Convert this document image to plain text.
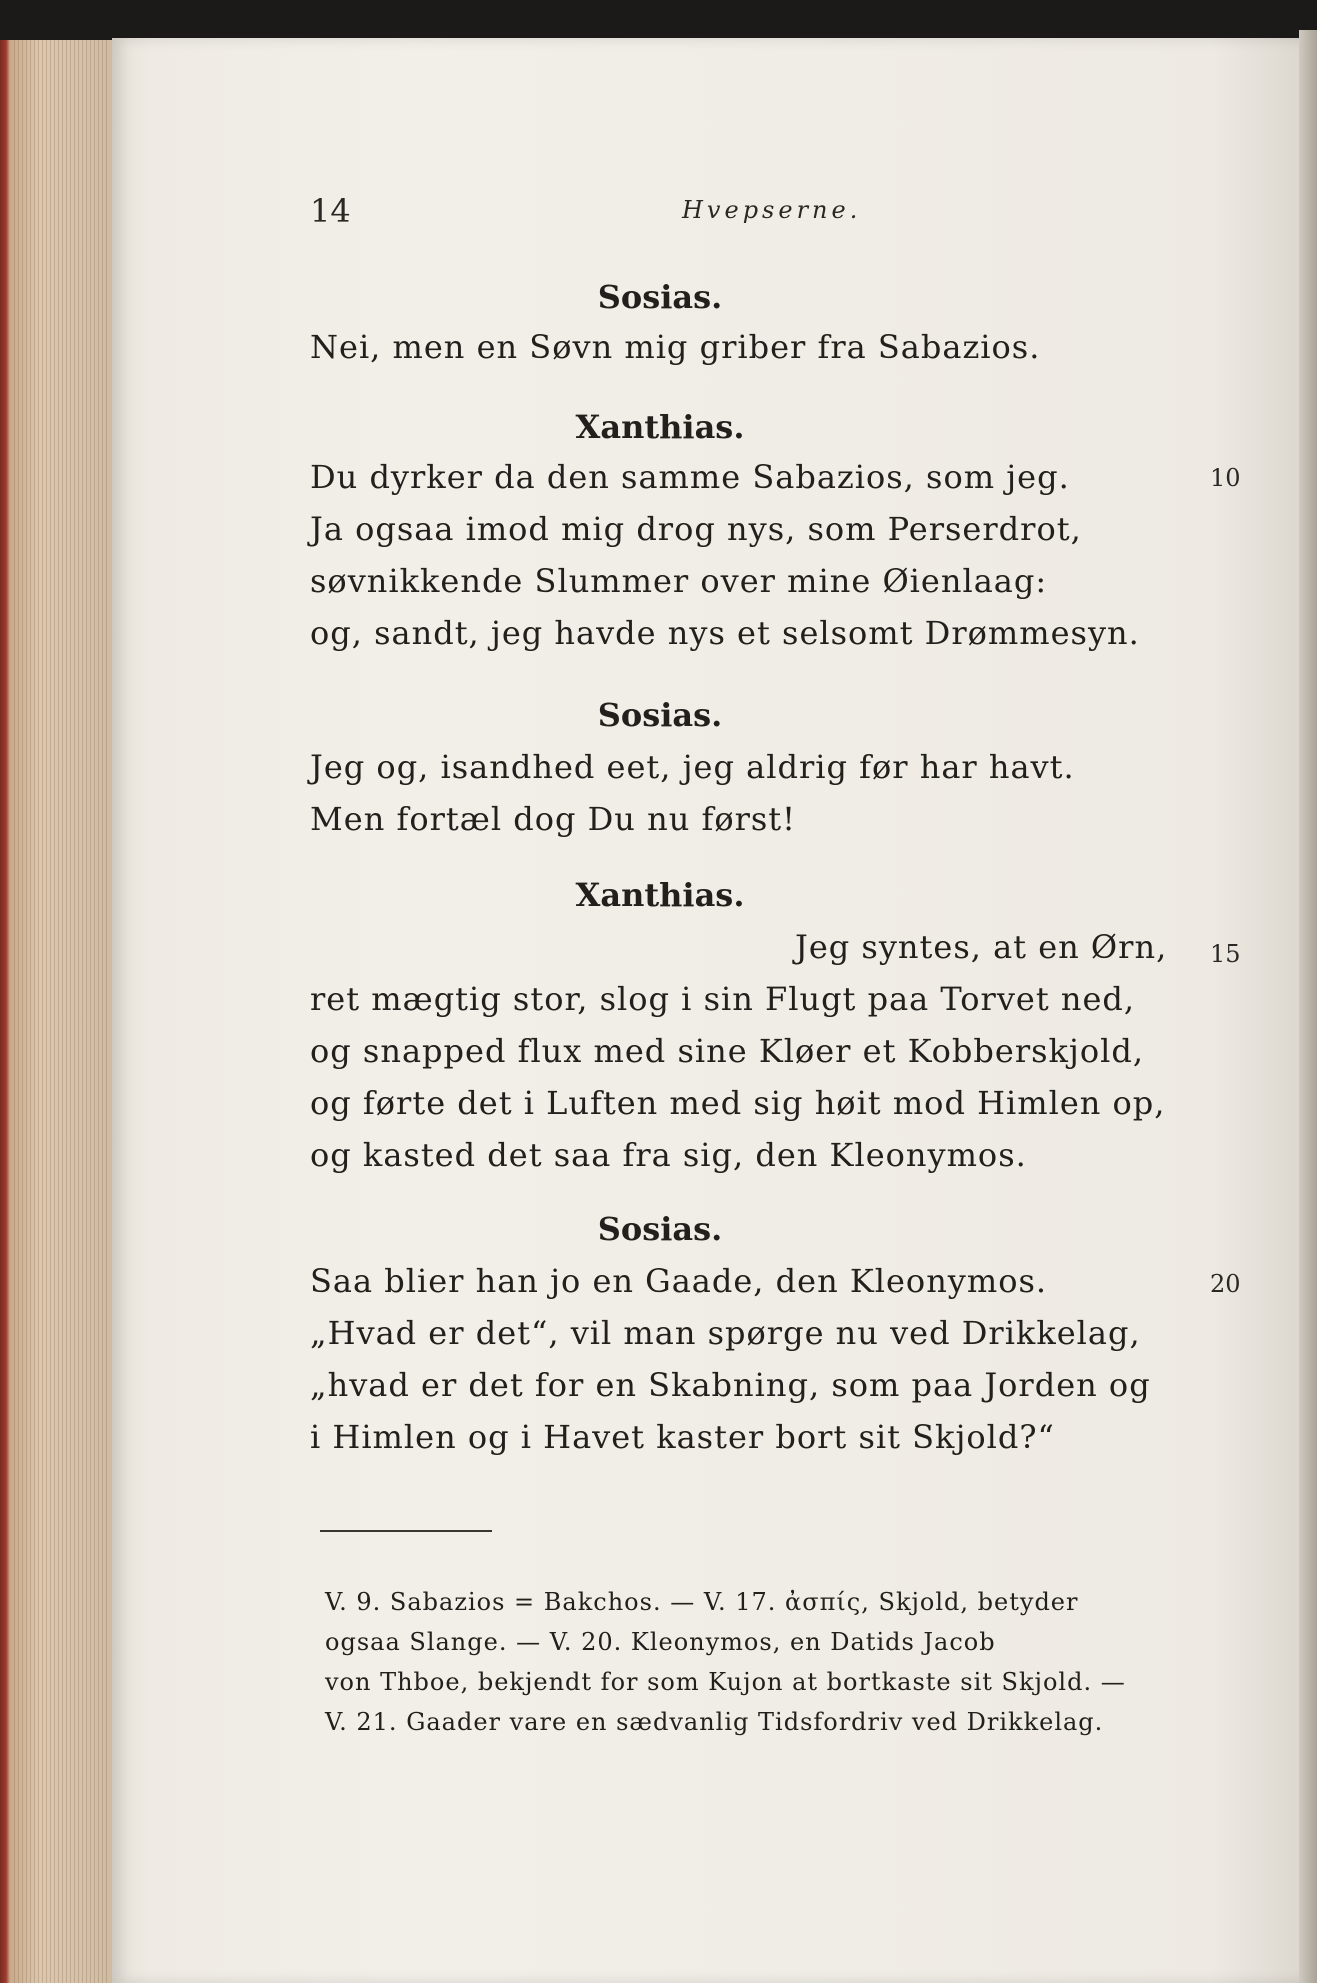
14	Hvepserne.
Sosias.
Nei, men en Søvn mig griber fra Sabazios.
Xanthias.
Du dyrker da den samme Sabazios, som jeg.	10
Ja ogsaa imod mig drog nys, som Perserdrot,
søvnikkende Slummer over mine Øienlaag:
og, sandt, jeg havde nys et selsomt Drømmesyn.
Sosias.
Jeg og, isandhed eet, jeg aldrig før har havt.
Men fortæl dog Du nu først!
Xanthias.
Jeg syntes, at en Ørn, 15
ret mægtig stor, slog i sin Flugt paa Torvet ned,
og snapped flux med sine Kløer et Kobberskjold,
og førte det i Luften med sig høit mod Himlen op,
og kasted det saa fra sig, den Kleonymos.
Sosias.
Saa blier han jo en Gaade, den Kleonymos.	20
„Hvad er det“, vil man spørge nu ved Drikkelag,
„hvad er det for en Skabning, som paa Jorden og
i Himlen og i Havet kaster bort sit Skjold?“
V. 9. Sabazios = Bakchos. — V. 17. ἀσπίς, Skjold, betyder
ogsaa Slange. — V. 20. Kleonymos, en Datids Jacob
von Thboe, bekjendt for som Kujon at bortkaste sit Skjold. —
V. 21. Gaader vare en sædvanlig Tidsfordriv ved Drikkelag.
